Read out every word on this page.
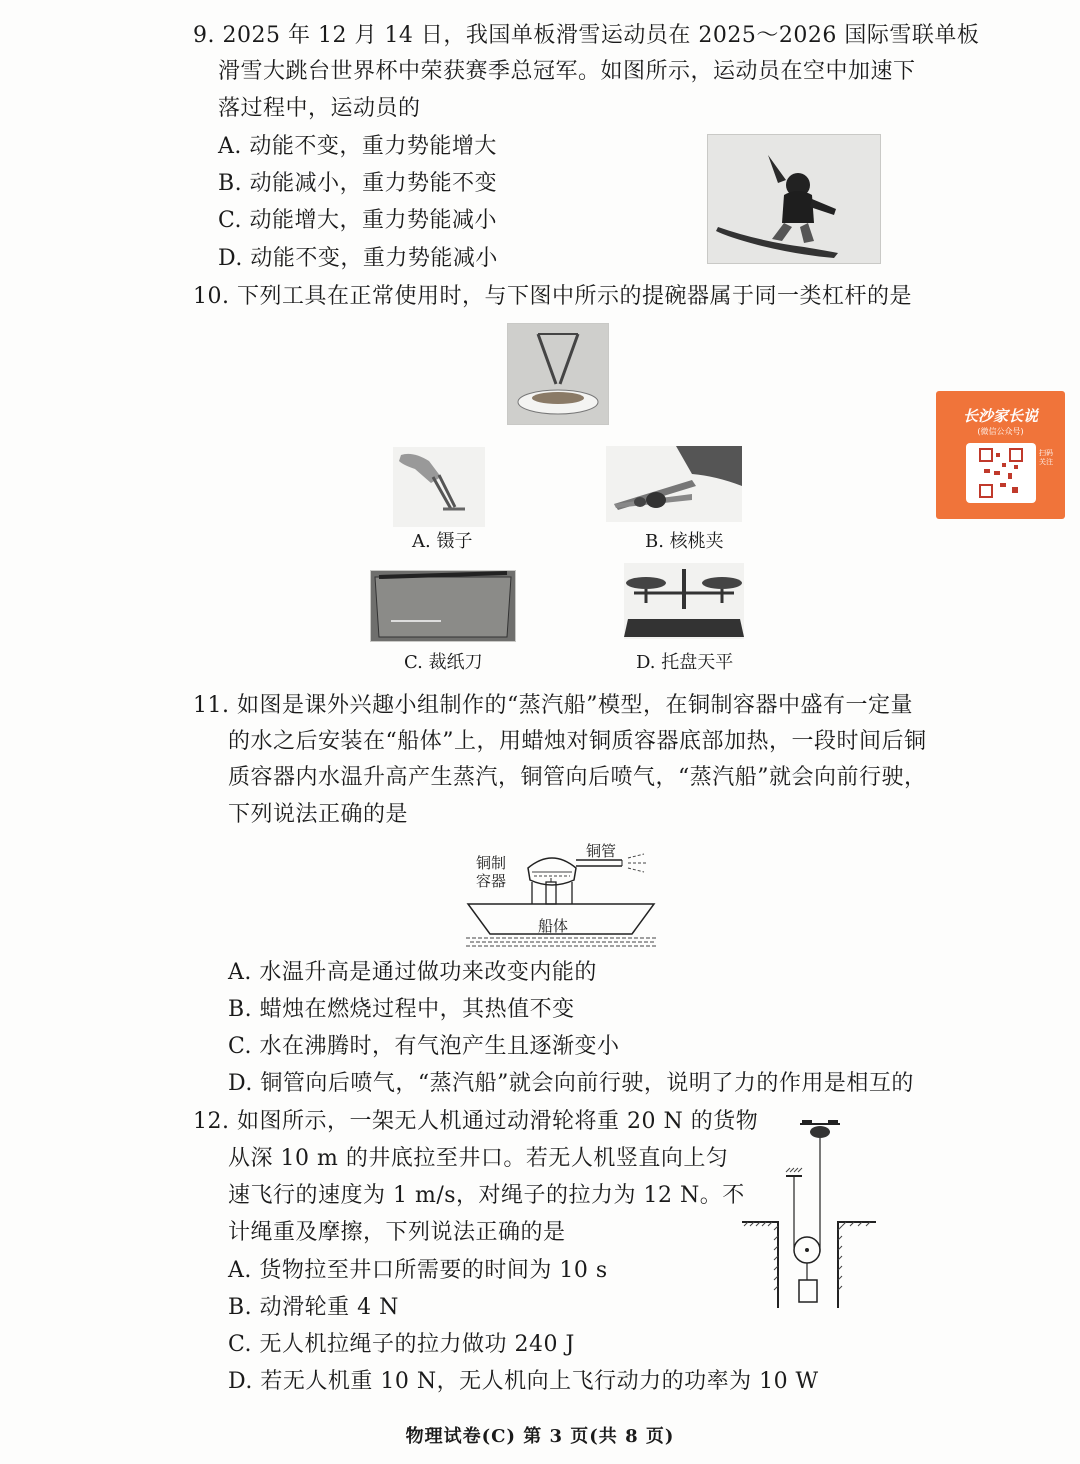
9. 2025 年 12 月 14 日，我国单板滑雪运动员在 2025～2026 国际雪联单板
滑雪大跳台世界杯中荣获赛季总冠军。如图所示，运动员在空中加速下
落过程中，运动员的
A. 动能不变，重力势能增大
B. 动能减小，重力势能不变
C. 动能增大，重力势能减小
D. 动能不变，重力势能减小
10. 下列工具在正常使用时，与下图中所示的提碗器属于同一类杠杆的是
A. 镊子	B. 核桃夹
C. 裁纸刀	D. 托盘天平
长沙家长说
(微信公众号)
扫码关注
11. 如图是课外兴趣小组制作的“蒸汽船”模型，在铜制容器中盛有一定量
的水之后安装在“船体”上，用蜡烛对铜质容器底部加热，一段时间后铜
质容器内水温升高产生蒸汽，铜管向后喷气，“蒸汽船”就会向前行驶，
下列说法正确的是
铜管
铜制
容器
船体
A. 水温升高是通过做功来改变内能的
B. 蜡烛在燃烧过程中，其热值不变
C. 水在沸腾时，有气泡产生且逐渐变小
D. 铜管向后喷气，“蒸汽船”就会向前行驶，说明了力的作用是相互的
12. 如图所示，一架无人机通过动滑轮将重 20 N 的货物
从深 10 m 的井底拉至井口。若无人机竖直向上匀
速飞行的速度为 1 m/s，对绳子的拉力为 12 N。不
计绳重及摩擦，下列说法正确的是
A. 货物拉至井口所需要的时间为 10 s
B. 动滑轮重 4 N
C. 无人机拉绳子的拉力做功 240 J
D. 若无人机重 10 N，无人机向上飞行动力的功率为 10 W
物理试卷(C) 第 3 页(共 8 页)
